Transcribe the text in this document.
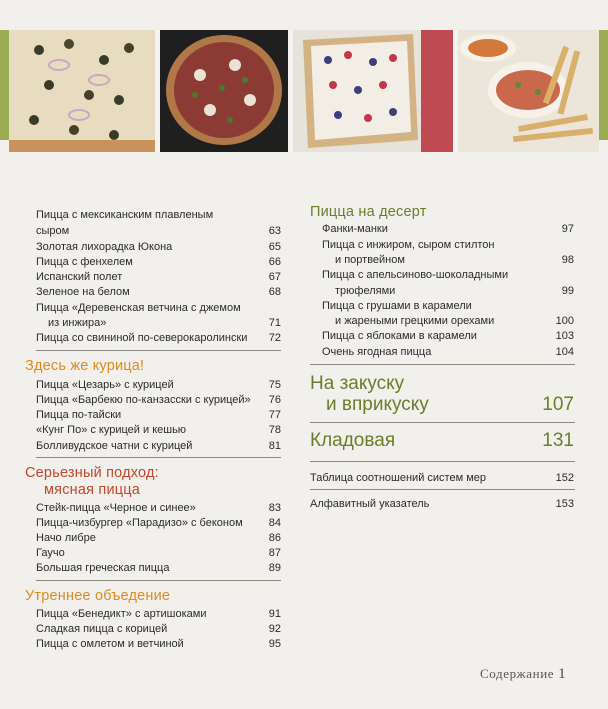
Пицца с мексиканским плавленым
сыром	63
Золотая лихорадка Юкона	65
Пицца с фенхелем	66
Испанский полет	67
Зеленое на белом	68
Пицца «Деревенская ветчина с джемом
из инжира»	71
Пицца со свининой по-северокаролински	72
Здесь же курица!
Пицца «Цезарь» с курицей	75
Пицца «Барбекю по-канзасски с курицей»	76
Пицца по-тайски	77
«Кунг По» с курицей и кешью	78
Болливудское чатни с курицей	81
Серьезный подход:
мясная пицца
Стейк-пицца «Черное и синее»	83
Пицца-чизбургер «Парадизо» с беконом	84
Начо либре	86
Гаучо	87
Большая греческая пицца	89
Утреннее объедение
Пицца «Бенедикт» с артишоками	91
Сладкая пицца с корицей	92
Пицца с омлетом и ветчиной	95
Пицца на десерт
Фанки-манки	97
Пицца с инжиром, сыром стилтон
и портвейном	98
Пицца с апельсиново-шоколадными
трюфелями	99
Пицца с грушами в карамели
и жареными грецкими орехами	100
Пицца с яблоками в карамели	103
Очень ягодная пицца	104
На закуску
и вприкуску	107
Кладовая	131
Таблица соотношений систем мер	152
Алфавитный указатель	153
Содержание 1
